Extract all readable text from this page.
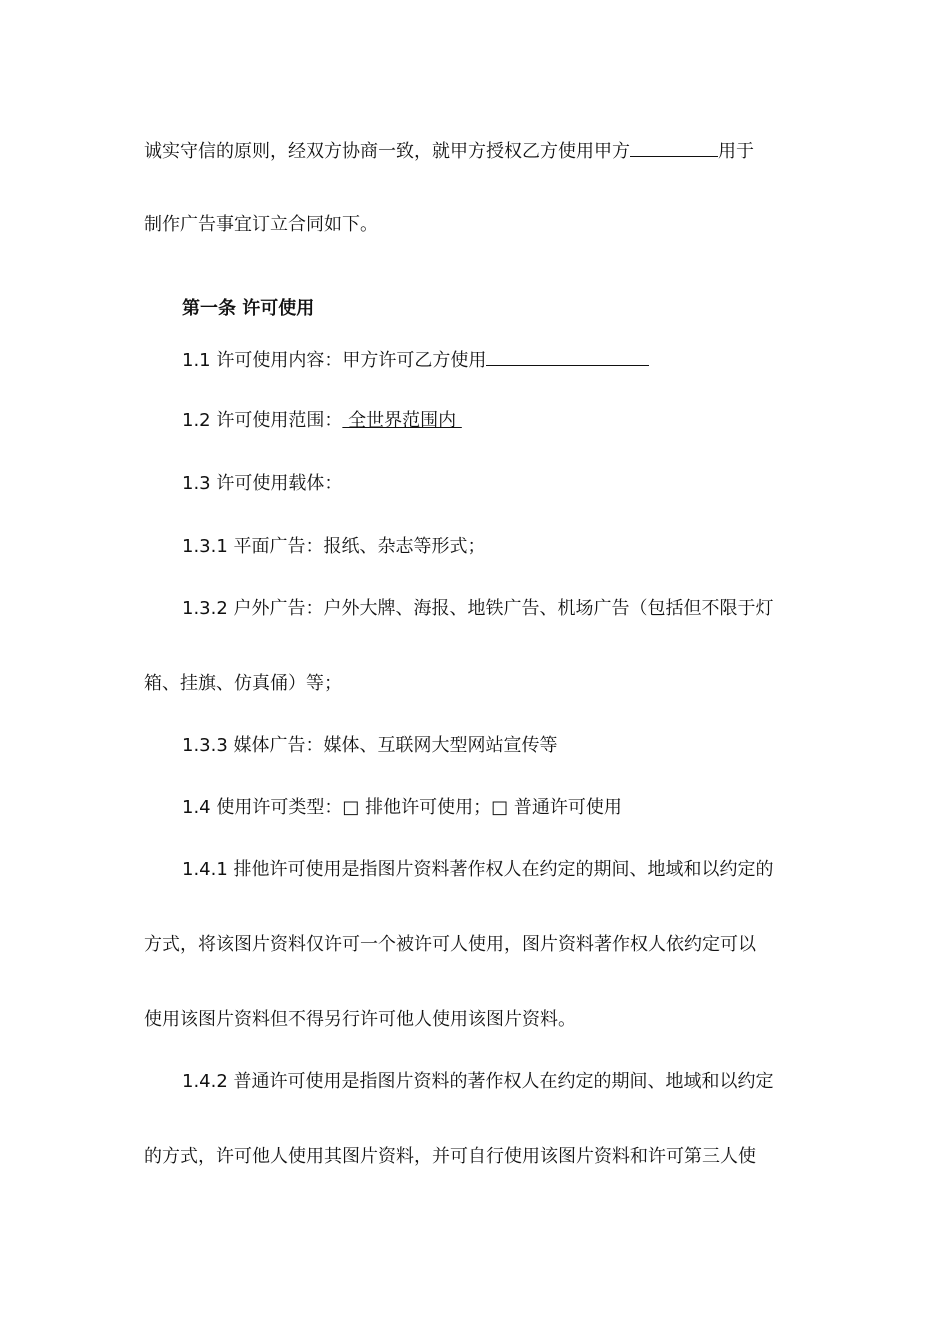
诚实守信的原则，经双方协商一致，就甲方授权乙方使用甲方	用于
制作广告事宜订立合同如下。
第一条 许可使用
1.1 许可使用内容：甲方许可乙方使用
1.2 许可使用范围： 全世界范围内
1.3 许可使用载体：
1.3.1 平面广告：报纸、杂志等形式；
1.3.2 户外广告：户外大牌、海报、地铁广告、机场广告（包括但不限于灯
箱、挂旗、仿真俑）等；
1.3.3 媒体广告：媒体、互联网大型网站宣传等
1.4 使用许可类型：□ 排他许可使用；□ 普通许可使用
1.4.1 排他许可使用是指图片资料著作权人在约定的期间、地域和以约定的
方式，将该图片资料仅许可一个被许可人使用，图片资料著作权人依约定可以
使用该图片资料但不得另行许可他人使用该图片资料。
1.4.2 普通许可使用是指图片资料的著作权人在约定的期间、地域和以约定
的方式，许可他人使用其图片资料，并可自行使用该图片资料和许可第三人使
